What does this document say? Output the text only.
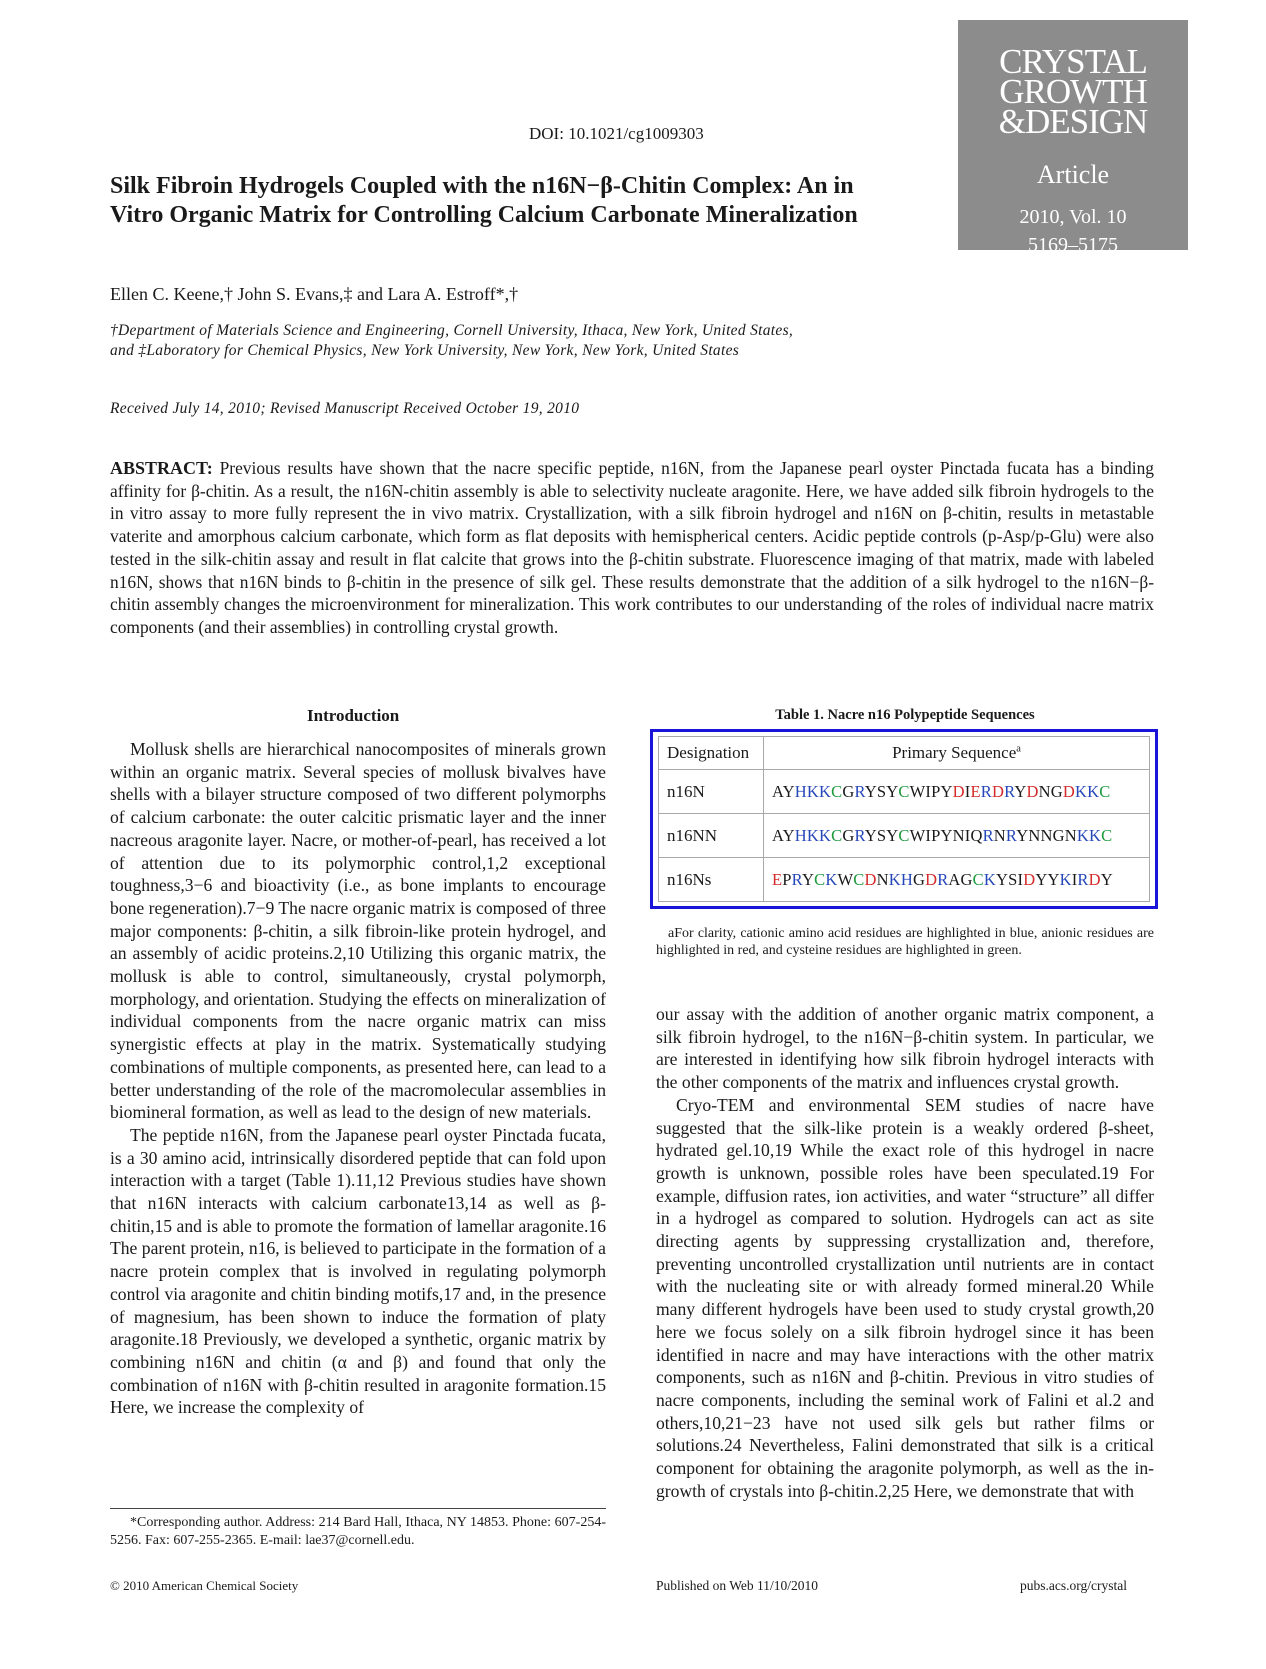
CRYSTAL
GROWTH
&DESIGN
Article
2010, Vol. 10
5169–5175
DOI: 10.1021/cg1009303
Silk Fibroin Hydrogels Coupled with the n16N−β-Chitin Complex: An in Vitro Organic Matrix for Controlling Calcium Carbonate Mineralization
Ellen C. Keene,† John S. Evans,‡ and Lara A. Estroff*,†
†Department of Materials Science and Engineering, Cornell University, Ithaca, New York, United States, and ‡Laboratory for Chemical Physics, New York University, New York, New York, United States
Received July 14, 2010; Revised Manuscript Received October 19, 2010
ABSTRACT: Previous results have shown that the nacre specific peptide, n16N, from the Japanese pearl oyster Pinctada fucata has a binding affinity for β-chitin. As a result, the n16N-chitin assembly is able to selectivity nucleate aragonite. Here, we have added silk fibroin hydrogels to the in vitro assay to more fully represent the in vivo matrix. Crystallization, with a silk fibroin hydrogel and n16N on β-chitin, results in metastable vaterite and amorphous calcium carbonate, which form as flat deposits with hemispherical centers. Acidic peptide controls (p-Asp/p-Glu) were also tested in the silk-chitin assay and result in flat calcite that grows into the β-chitin substrate. Fluorescence imaging of that matrix, made with labeled n16N, shows that n16N binds to β-chitin in the presence of silk gel. These results demonstrate that the addition of a silk hydrogel to the n16N−β-chitin assembly changes the microenvironment for mineralization. This work contributes to our understanding of the roles of individual nacre matrix components (and their assemblies) in controlling crystal growth.
Introduction

Mollusk shells are hierarchical nanocomposites of minerals grown within an organic matrix. Several species of mollusk bivalves have shells with a bilayer structure composed of two different polymorphs of calcium carbonate: the outer calcitic prismatic layer and the inner nacreous aragonite layer. Nacre, or mother-of-pearl, has received a lot of attention due to its polymorphic control,1,2 exceptional toughness,3−6 and bioactivity (i.e., as bone implants to encourage bone regeneration).7−9 The nacre organic matrix is composed of three major components: β-chitin, a silk fibroin-like protein hydrogel, and an assembly of acidic proteins.2,10 Utilizing this organic matrix, the mollusk is able to control, simultaneously, crystal polymorph, morphology, and orientation. Studying the effects on mineralization of individual components from the nacre organic matrix can miss synergistic effects at play in the matrix. Systematically studying combinations of multiple components, as presented here, can lead to a better understanding of the role of the macromolecular assemblies in biomineral formation, as well as lead to the design of new materials.

The peptide n16N, from the Japanese pearl oyster Pinctada fucata, is a 30 amino acid, intrinsically disordered peptide that can fold upon interaction with a target (Table 1).11,12 Previous studies have shown that n16N interacts with calcium carbonate13,14 as well as β-chitin,15 and is able to promote the formation of lamellar aragonite.16 The parent protein, n16, is believed to participate in the formation of a nacre protein complex that is involved in regulating polymorph control via aragonite and chitin binding motifs,17 and, in the presence of magnesium, has been shown to induce the formation of platy aragonite.18 Previously, we developed a synthetic, organic matrix by combining n16N and chitin (α and β) and found that only the combination of n16N with β-chitin resulted in aragonite formation.15 Here, we increase the complexity of

*Corresponding author. Address: 214 Bard Hall, Ithaca, NY 14853. Phone: 607-254-5256. Fax: 607-255-2365. E-mail: lae37@cornell.edu.

Table 1. Nacre n16 Polypeptide Sequences
Designation	Primary Sequence$^a$
n16N	AYHKKCGRYSYCWIPYDIERDRYDNGDKKC
n16NN	AYHKKCGRYSYCWIPYNIQRNRYNNGNKKC
n16Ns	EPRYCKWCDNKHGDRAGCKYSIDYYKIRDY

aFor clarity, cationic amino acid residues are highlighted in blue, anionic residues are highlighted in red, and cysteine residues are highlighted in green.

our assay with the addition of another organic matrix component, a silk fibroin hydrogel, to the n16N−β-chitin system. In particular, we are interested in identifying how silk fibroin hydrogel interacts with the other components of the matrix and influences crystal growth.

Cryo-TEM and environmental SEM studies of nacre have suggested that the silk-like protein is a weakly ordered β-sheet, hydrated gel.10,19 While the exact role of this hydrogel in nacre growth is unknown, possible roles have been speculated.19 For example, diffusion rates, ion activities, and water “structure” all differ in a hydrogel as compared to solution. Hydrogels can act as site directing agents by suppressing crystallization and, therefore, preventing uncontrolled crystallization until nutrients are in contact with the nucleating site or with already formed mineral.20 While many different hydrogels have been used to study crystal growth,20 here we focus solely on a silk fibroin hydrogel since it has been identified in nacre and may have interactions with the other matrix components, such as n16N and β-chitin. Previous in vitro studies of nacre components, including the seminal work of Falini et al.2 and others,10,21−23 have not used silk gels but rather films or solutions.24 Nevertheless, Falini demonstrated that silk is a critical component for obtaining the aragonite polymorph, as well as the in-growth of crystals into β-chitin.2,25 Here, we demonstrate that with

© 2010 American Chemical Society	Published on Web 11/10/2010	pubs.acs.org/crystal
